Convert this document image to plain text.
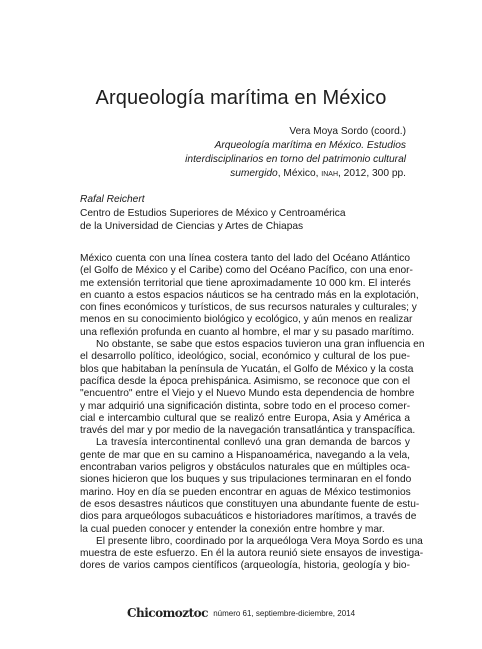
Arqueología marítima en México
Vera Moya Sordo (coord.)
Arqueología marítima en México. Estudios
interdisciplinarios en torno del patrimonio cultural
sumergido, México, inah, 2012, 300 pp.
Rafal Reichert
Centro de Estudios Superiores de México y Centroamérica
de la Universidad de Ciencias y Artes de Chiapas
México cuenta con una línea costera tanto del lado del Océano Atlántico
(el Golfo de México y el Caribe) como del Océano Pacífico, con una enor-
me extensión territorial que tiene aproximadamente 10 000 km. El interés
en cuanto a estos espacios náuticos se ha centrado más en la explotación,
con fines económicos y turísticos, de sus recursos naturales y culturales; y
menos en su conocimiento biológico y ecológico, y aún menos en realizar
una reflexión profunda en cuanto al hombre, el mar y su pasado marítimo.
No obstante, se sabe que estos espacios tuvieron una gran influencia en
el desarrollo político, ideológico, social, económico y cultural de los pue-
blos que habitaban la península de Yucatán, el Golfo de México y la costa
pacífica desde la época prehispánica. Asimismo, se reconoce que con el
"encuentro" entre el Viejo y el Nuevo Mundo esta dependencia de hombre
y mar adquirió una significación distinta, sobre todo en el proceso comer-
cial e intercambio cultural que se realizó entre Europa, Asia y América a
través del mar y por medio de la navegación transatlántica y transpacífica.
La travesía intercontinental conllevó una gran demanda de barcos y
gente de mar que en su camino a Hispanoamérica, navegando a la vela,
encontraban varios peligros y obstáculos naturales que en múltiples oca-
siones hicieron que los buques y sus tripulaciones terminaran en el fondo
marino. Hoy en día se pueden encontrar en aguas de México testimonios
de esos desastres náuticos que constituyen una abundante fuente de estu-
dios para arqueólogos subacuáticos e historiadores marítimos, a través de
la cual pueden conocer y entender la conexión entre hombre y mar.
El presente libro, coordinado por la arqueóloga Vera Moya Sordo es una
muestra de este esfuerzo. En él la autora reunió siete ensayos de investiga-
dores de varios campos científicos (arqueología, historia, geología y bio-
Chicomoztoc número 61, septiembre-diciembre, 2014
